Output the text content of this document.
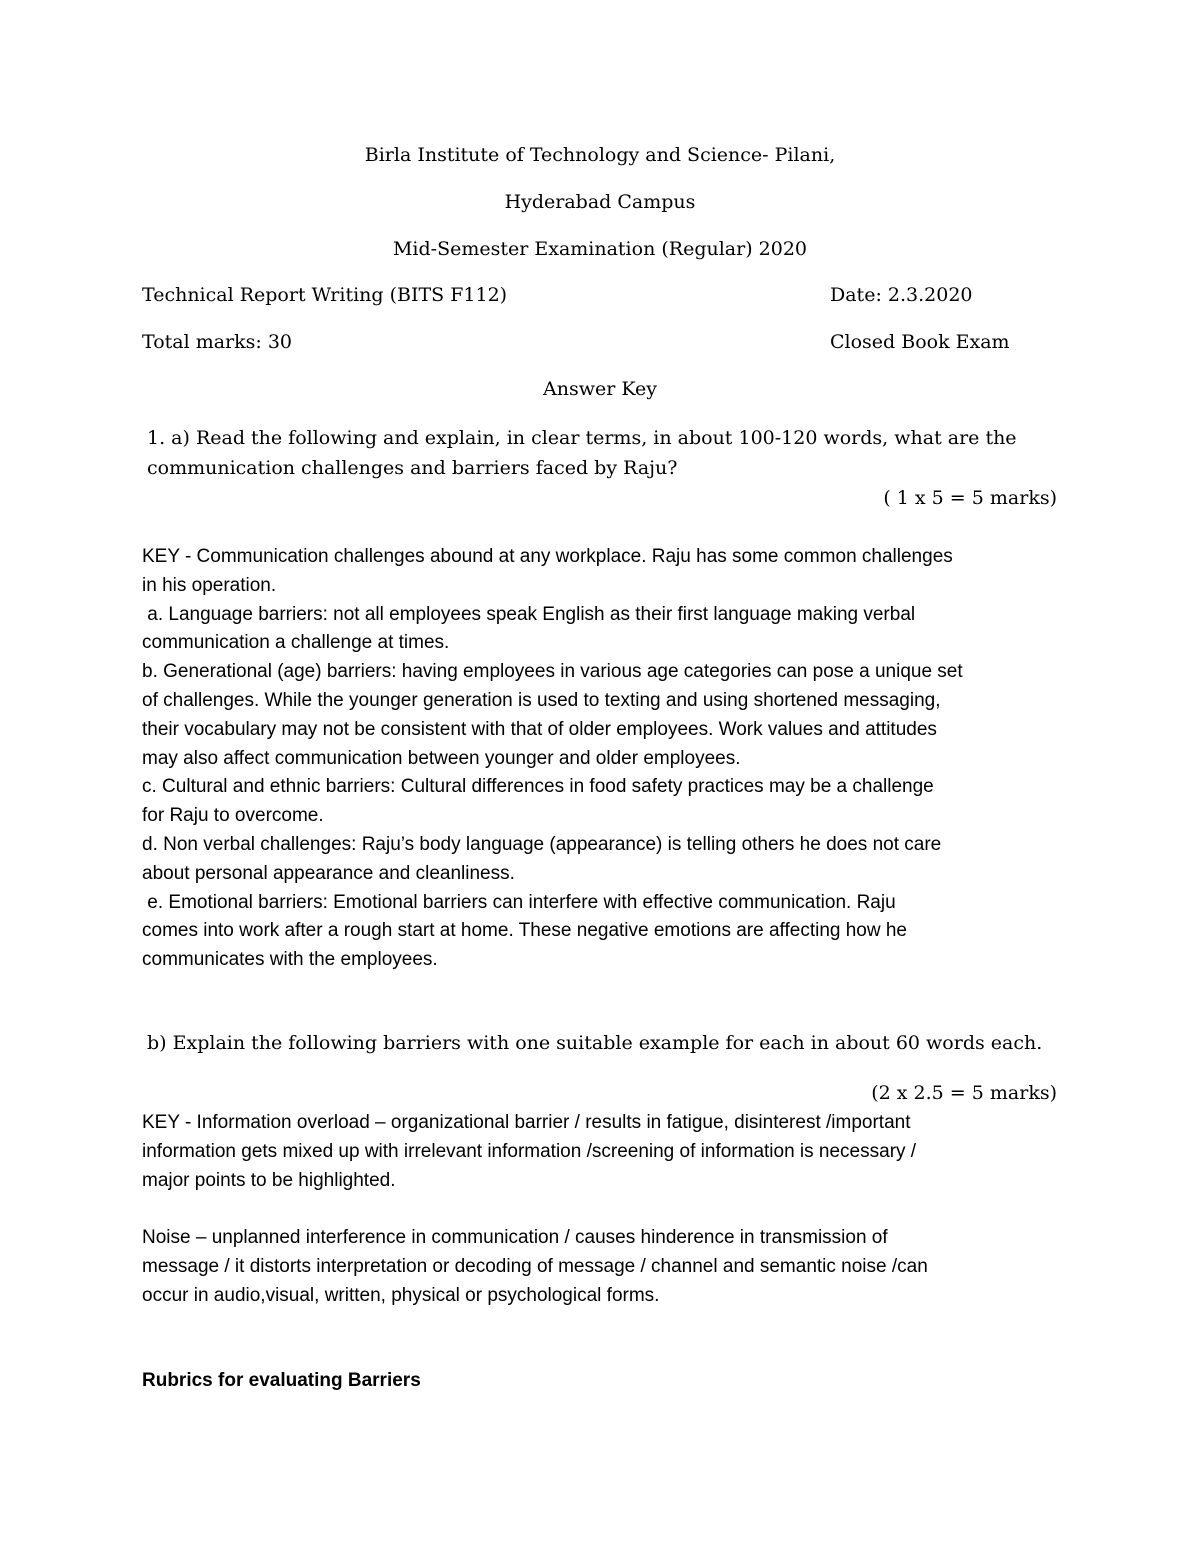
Birla Institute of Technology and Science- Pilani,

Hyderabad Campus

Mid-Semester Examination (Regular) 2020

Technical Report Writing (BITS F112)	Date: 2.3.2020

Total marks: 30	Closed Book Exam

Answer Key

1. a) Read the following and explain, in clear terms, in about 100-120 words, what are the communication challenges and barriers faced by Raju?

( 1 x 5 = 5 marks)

KEY - Communication challenges abound at any workplace. Raju has some common challenges
in his operation.
a. Language barriers: not all employees speak English as their first language making verbal
communication a challenge at times.
b. Generational (age) barriers: having employees in various age categories can pose a unique set
of challenges. While the younger generation is used to texting and using shortened messaging,
their vocabulary may not be consistent with that of older employees. Work values and attitudes
may also affect communication between younger and older employees.
c. Cultural and ethnic barriers: Cultural differences in food safety practices may be a challenge
for Raju to overcome.
d. Non verbal challenges: Raju’s body language (appearance) is telling others he does not care
about personal appearance and cleanliness.
e. Emotional barriers: Emotional barriers can interfere with effective communication. Raju
comes into work after a rough start at home. These negative emotions are affecting how he
communicates with the employees.

b) Explain the following barriers with one suitable example for each in about 60 words each.

(2 x 2.5 = 5 marks)

KEY - Information overload – organizational barrier / results in fatigue, disinterest /important
information gets mixed up with irrelevant information /screening of information is necessary /
major points to be highlighted.
Noise – unplanned interference in communication / causes hinderence in transmission of
message / it distorts interpretation or decoding of message / channel and semantic noise /can
occur in audio,visual, written, physical or psychological forms.

Rubrics for evaluating Barriers
